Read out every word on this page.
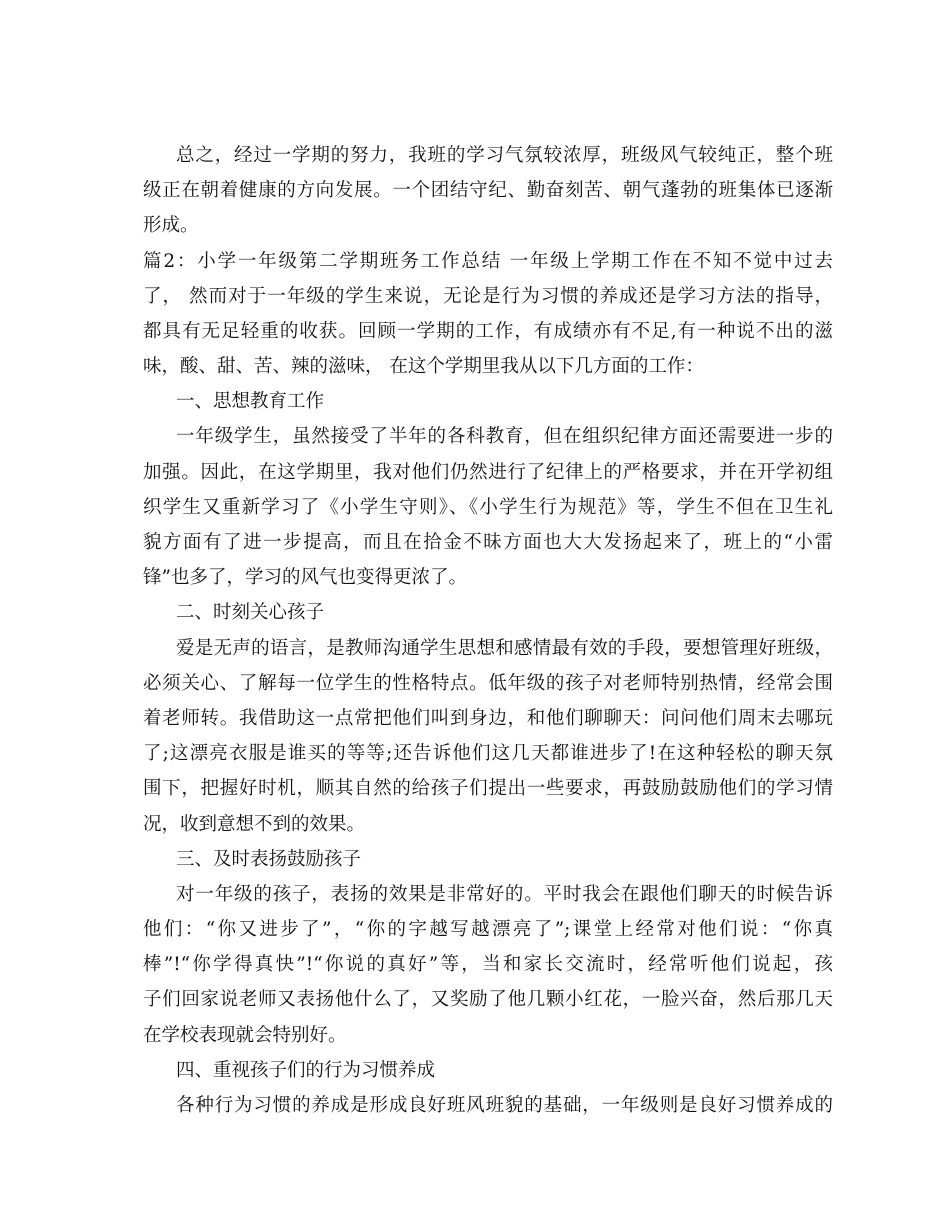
总之，经过一学期的努力，我班的学习气氛较浓厚，班级风气较纯正，整个班
级正在朝着健康的方向发展。一个团结守纪、勤奋刻苦、朝气蓬勃的班集体已逐渐
形成。
篇2：小学一年级第二学期班务工作总结 一年级上学期工作在不知不觉中过去
了， 然而对于一年级的学生来说，无论是行为习惯的养成还是学习方法的指导，
都具有无足轻重的收获。回顾一学期的工作，有成绩亦有不足,有一种说不出的滋
味，酸、甜、苦、辣的滋味， 在这个学期里我从以下几方面的工作：
一、思想教育工作
一年级学生，虽然接受了半年的各科教育，但在组织纪律方面还需要进一步的
加强。因此，在这学期里，我对他们仍然进行了纪律上的严格要求，并在开学初组
织学生又重新学习了《小学生守则》、《小学生行为规范》等，学生不但在卫生礼
貌方面有了进一步提高，而且在拾金不昧方面也大大发扬起来了，班上的“小雷
锋”也多了，学习的风气也变得更浓了。
二、时刻关心孩子
爱是无声的语言，是教师沟通学生思想和感情最有效的手段，要想管理好班级，
必须关心、了解每一位学生的性格特点。低年级的孩子对老师特别热情，经常会围
着老师转。我借助这一点常把他们叫到身边，和他们聊聊天：问问他们周末去哪玩
了;这漂亮衣服是谁买的等等;还告诉他们这几天都谁进步了!在这种轻松的聊天氛
围下，把握好时机，顺其自然的给孩子们提出一些要求，再鼓励鼓励他们的学习情
况，收到意想不到的效果。
三、及时表扬鼓励孩子
对一年级的孩子，表扬的效果是非常好的。平时我会在跟他们聊天的时候告诉
他们：“你又进步了”，“你的字越写越漂亮了”;课堂上经常对他们说：“你真
棒”!“你学得真快”!“你说的真好”等，当和家长交流时，经常听他们说起，孩
子们回家说老师又表扬他什么了，又奖励了他几颗小红花，一脸兴奋，然后那几天
在学校表现就会特别好。
四、重视孩子们的行为习惯养成
各种行为习惯的养成是形成良好班风班貌的基础，一年级则是良好习惯养成的
